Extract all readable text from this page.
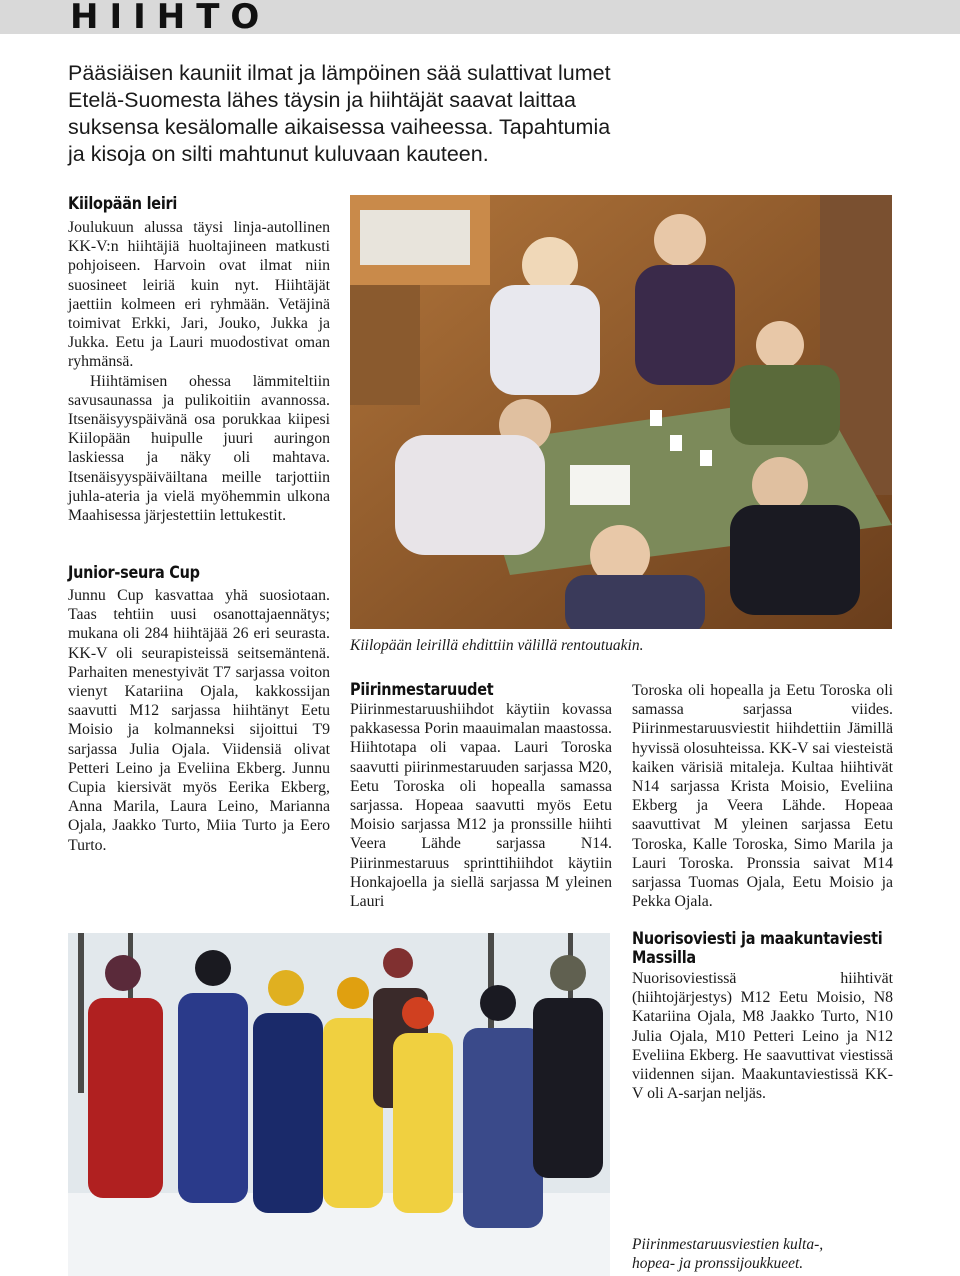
HIIHTO
Pääsiäisen kauniit ilmat ja lämpöinen sää sulattivat lumet Etelä-Suomesta lähes täysin ja hiihtäjät saavat laittaa suksensa kesälomalle aikaisessa vaiheessa. Tapahtumia ja kisoja on silti mahtunut kuluvaan kauteen.
Kiilopään leiri

Joulukuun alussa täysi linja-autollinen KK-V:n hiihtäjiä huoltajineen matkusti pohjoiseen. Harvoin ovat ilmat niin suosineet leiriä kuin nyt. Hiihtäjät jaettiin kolmeen eri ryhmään. Vetäjinä toimivat Erkki, Jari, Jouko, Jukka ja Jukka. Eetu ja Lauri muodostivat oman ryhmänsä.

Hiihtämisen ohessa lämmiteltiin savusaunassa ja pulikoitiin avannossa. Itsenäisyyspäivänä osa porukkaa kiipesi Kiilopään huipulle juuri auringon laskiessa ja näky oli mahtava. Itsenäisyyspäiväiltana meille tarjottiin juhla-ateria ja vielä myöhemmin ulkona Maahisessa järjestettiin lettukestit.

Junior-seura Cup

Junnu Cup kasvattaa yhä suosiotaan. Taas tehtiin uusi osanottajaennätys; mukana oli 284 hiihtäjää 26 eri seurasta. KK-V oli seurapisteissä seitsemäntenä. Parhaiten menestyivät T7 sarjassa voiton vienyt Katariina Ojala, kakkossijan saavutti M12 sarjassa hiihtänyt Eetu Moisio ja kolmanneksi sijoittui T9 sarjassa Julia Ojala. Viidensiä olivat Petteri Leino ja Eveliina Ekberg. Junnu Cupia kiersivät myös Eerika Ekberg, Anna Marila, Laura Leino, Marianna Ojala, Jaakko Turto, Miia Turto ja Eero Turto.

Kiilopään leirillä ehdittiin välillä rentoutuakin.
Piirinmestaruudet

Piirinmestaruushiihdot käytiin kovassa pakkasessa Porin maauimalan maastossa. Hiihtotapa oli vapaa. Lauri Toroska saavutti piirinmestaruuden sarjassa M20, Eetu Toroska oli hopealla samassa sarjassa. Hopeaa saavutti myös Eetu Moisio sarjassa M12 ja pronssille hiihti Veera Lähde sarjassa N14. Piirinmestaruus sprinttihiihdot käytiin Honkajoella ja siellä sarjassa M yleinen Lauri

Toroska oli hopealla ja Eetu Toroska oli samassa sarjassa viides. Piirinmestaruusviestit hiihdettiin Jämillä hyvissä olosuhteissa. KK-V sai viesteistä kaiken värisiä mitaleja. Kultaa hiihtivät N14 sarjassa Krista Moisio, Eveliina Ekberg ja Veera Lähde. Hopeaa saavuttivat M yleinen sarjassa Eetu Toroska, Kalle Toroska, Simo Marila ja Lauri Toroska. Pronssia saivat M14 sarjassa Tuomas Ojala, Eetu Moisio ja Pekka Ojala.

Nuorisoviesti ja maakuntaviesti
Massilla

Nuorisoviestissä hiihtivät (hiihtojärjestys) M12 Eetu Moisio, N8 Katariina Ojala, M8 Jaakko Turto, N10 Julia Ojala, M10 Petteri Leino ja N12 Eveliina Ekberg. He saavuttivat viestissä viidennen sijan. Maakuntaviestissä KK-V oli A-sarjan neljäs.

Piirinmestaruusviestien kulta-,
hopea- ja pronssijoukkueet.
